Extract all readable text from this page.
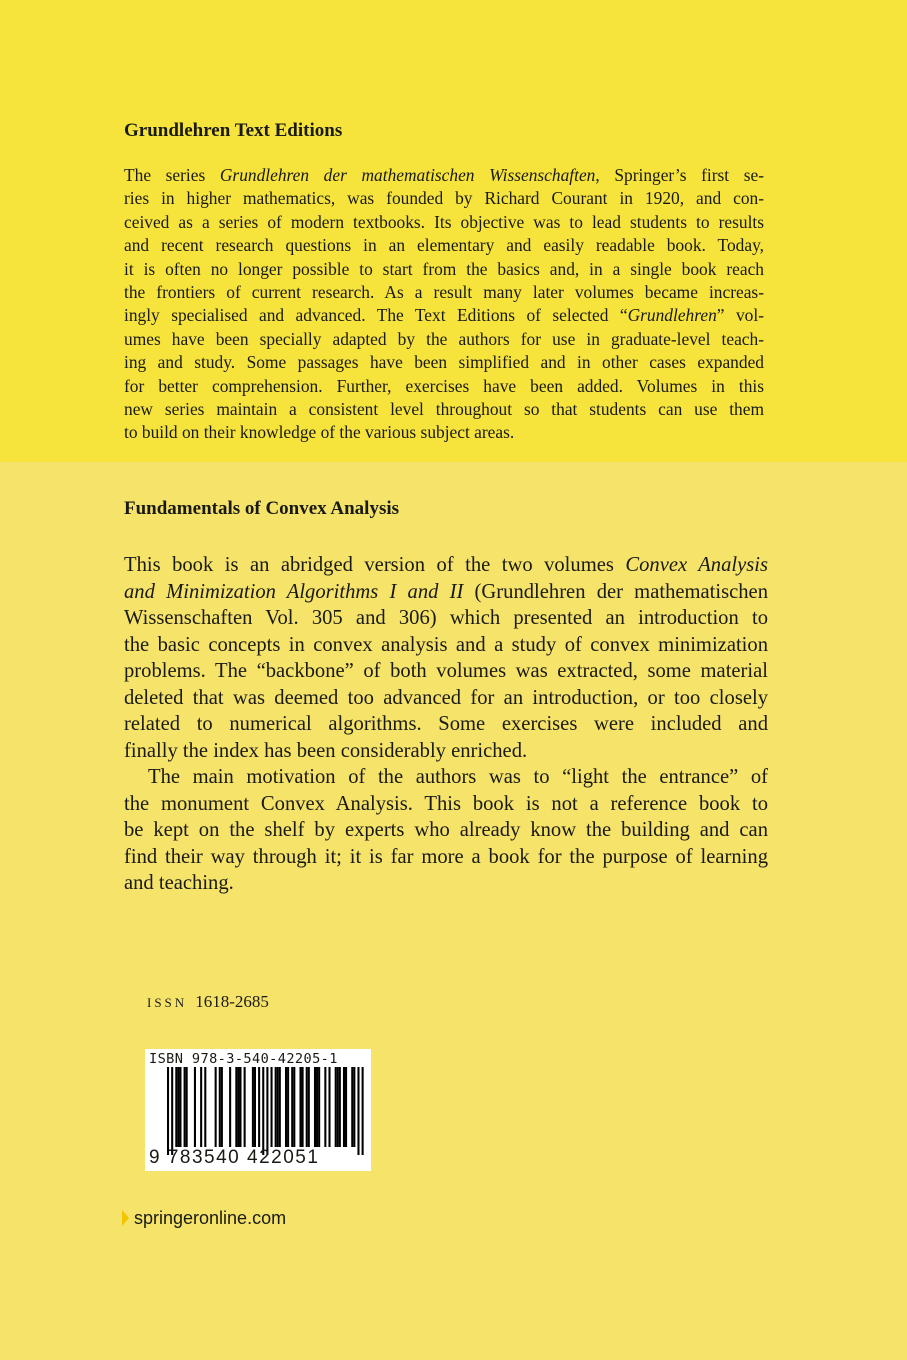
Grundlehren Text Editions
The series Grundlehren der mathematischen Wissenschaften, Springer’s first se-
ries in higher mathematics, was founded by Richard Courant in 1920, and con-
ceived as a series of modern textbooks. Its objective was to lead students to results
and recent research questions in an elementary and easily readable book. Today,
it is often no longer possible to start from the basics and, in a single book reach
the frontiers of current research. As a result many later volumes became increas-
ingly specialised and advanced. The Text Editions of selected “Grundlehren” vol-
umes have been specially adapted by the authors for use in graduate-level teach-
ing and study. Some passages have been simplified and in other cases expanded
for better comprehension. Further, exercises have been added. Volumes in this
new series maintain a consistent level throughout so that students can use them
to build on their knowledge of the various subject areas.
Fundamentals of Convex Analysis
This book is an abridged version of the two volumes Convex Analysis
and Minimization Algorithms I and II (Grundlehren der mathematischen
Wissenschaften Vol. 305 and 306) which presented an introduction to
the basic concepts in convex analysis and a study of convex minimization
problems. The “backbone” of both volumes was extracted, some material
deleted that was deemed too advanced for an introduction, or too closely
related to numerical algorithms. Some exercises were included and
finally the index has been considerably enriched.
The main motivation of the authors was to “light the entrance” of
the monument Convex Analysis. This book is not a reference book to
be kept on the shelf by experts who already know the building and can
find their way through it; it is far more a book for the purpose of learning
and teaching.

ISSN 1618-2685

ISBN 978-3-540-42205-1
9 783540 422051
springeronline.com
